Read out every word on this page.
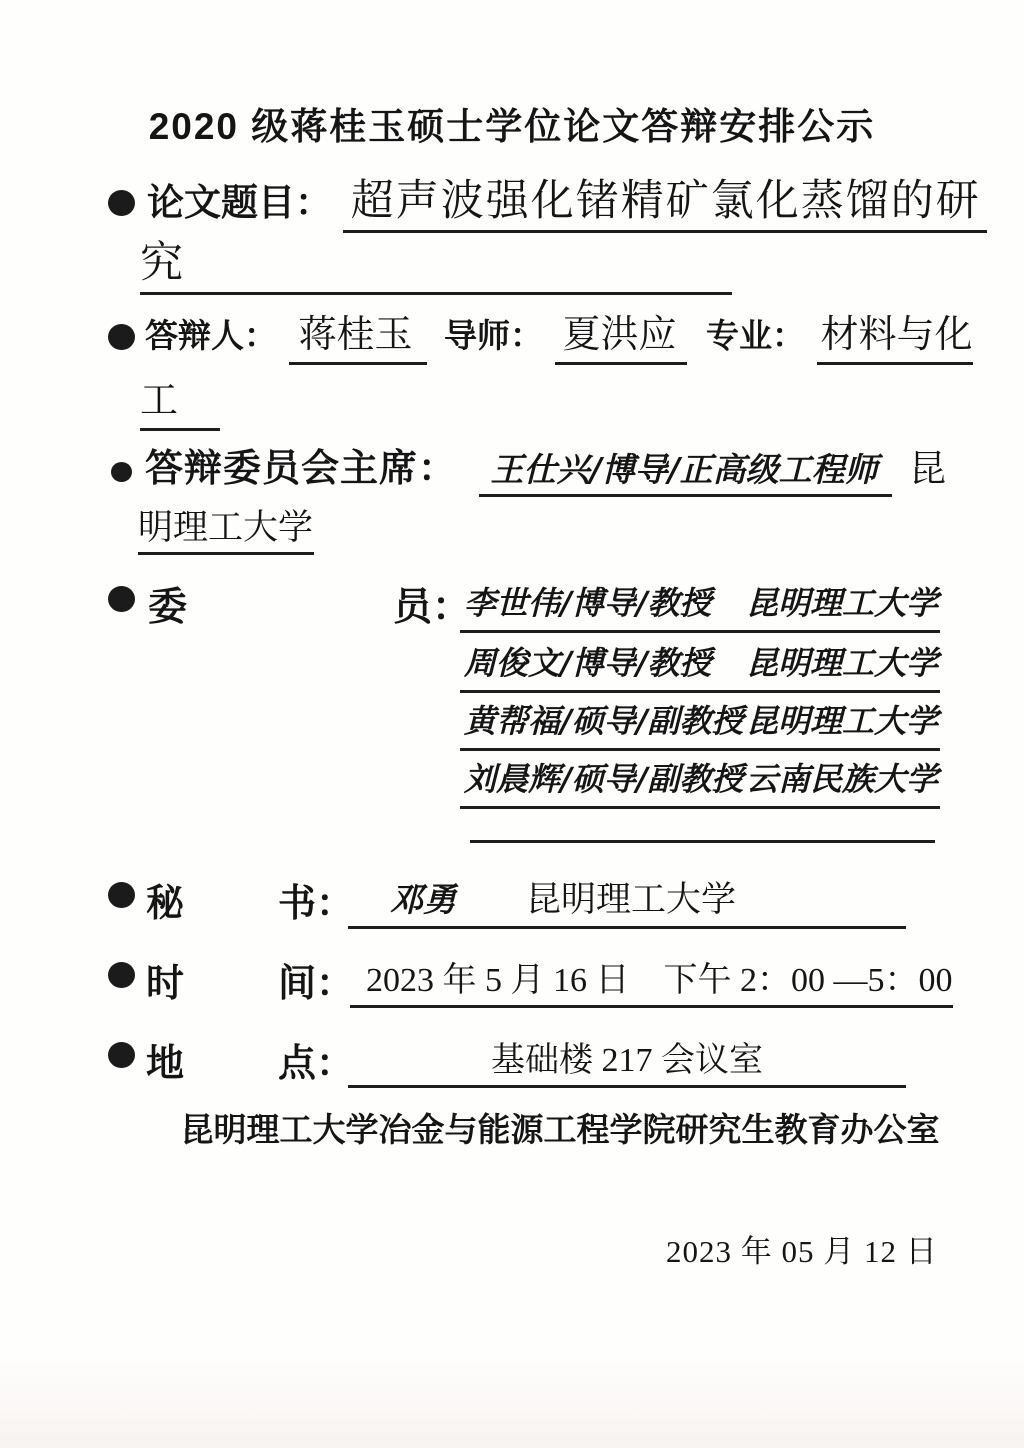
2020 级蒋桂玉硕士学位论文答辩安排公示
论文题目： 超声波强化锗精矿氯化蒸馏的研
究
答辩人： 蒋桂玉 导师： 夏洪应 专业： 材料与化
工
答辩委员会主席： 王仕兴/博导/正高级工程师 昆
明理工大学
委	员：
李世伟/博导/教授 昆明理工大学
周俊文/博导/教授 昆明理工大学
黄帮福/硕导/副教授 昆明理工大学
刘晨辉/硕导/副教授 云南民族大学
秘 书：	邓勇 昆明理工大学
时 间： 2023 年 5 月 16 日 下午 2：00 —5：00
地 点：	基础楼 217 会议室
昆明理工大学冶金与能源工程学院研究生教育办公室
2023 年 05 月 12 日
